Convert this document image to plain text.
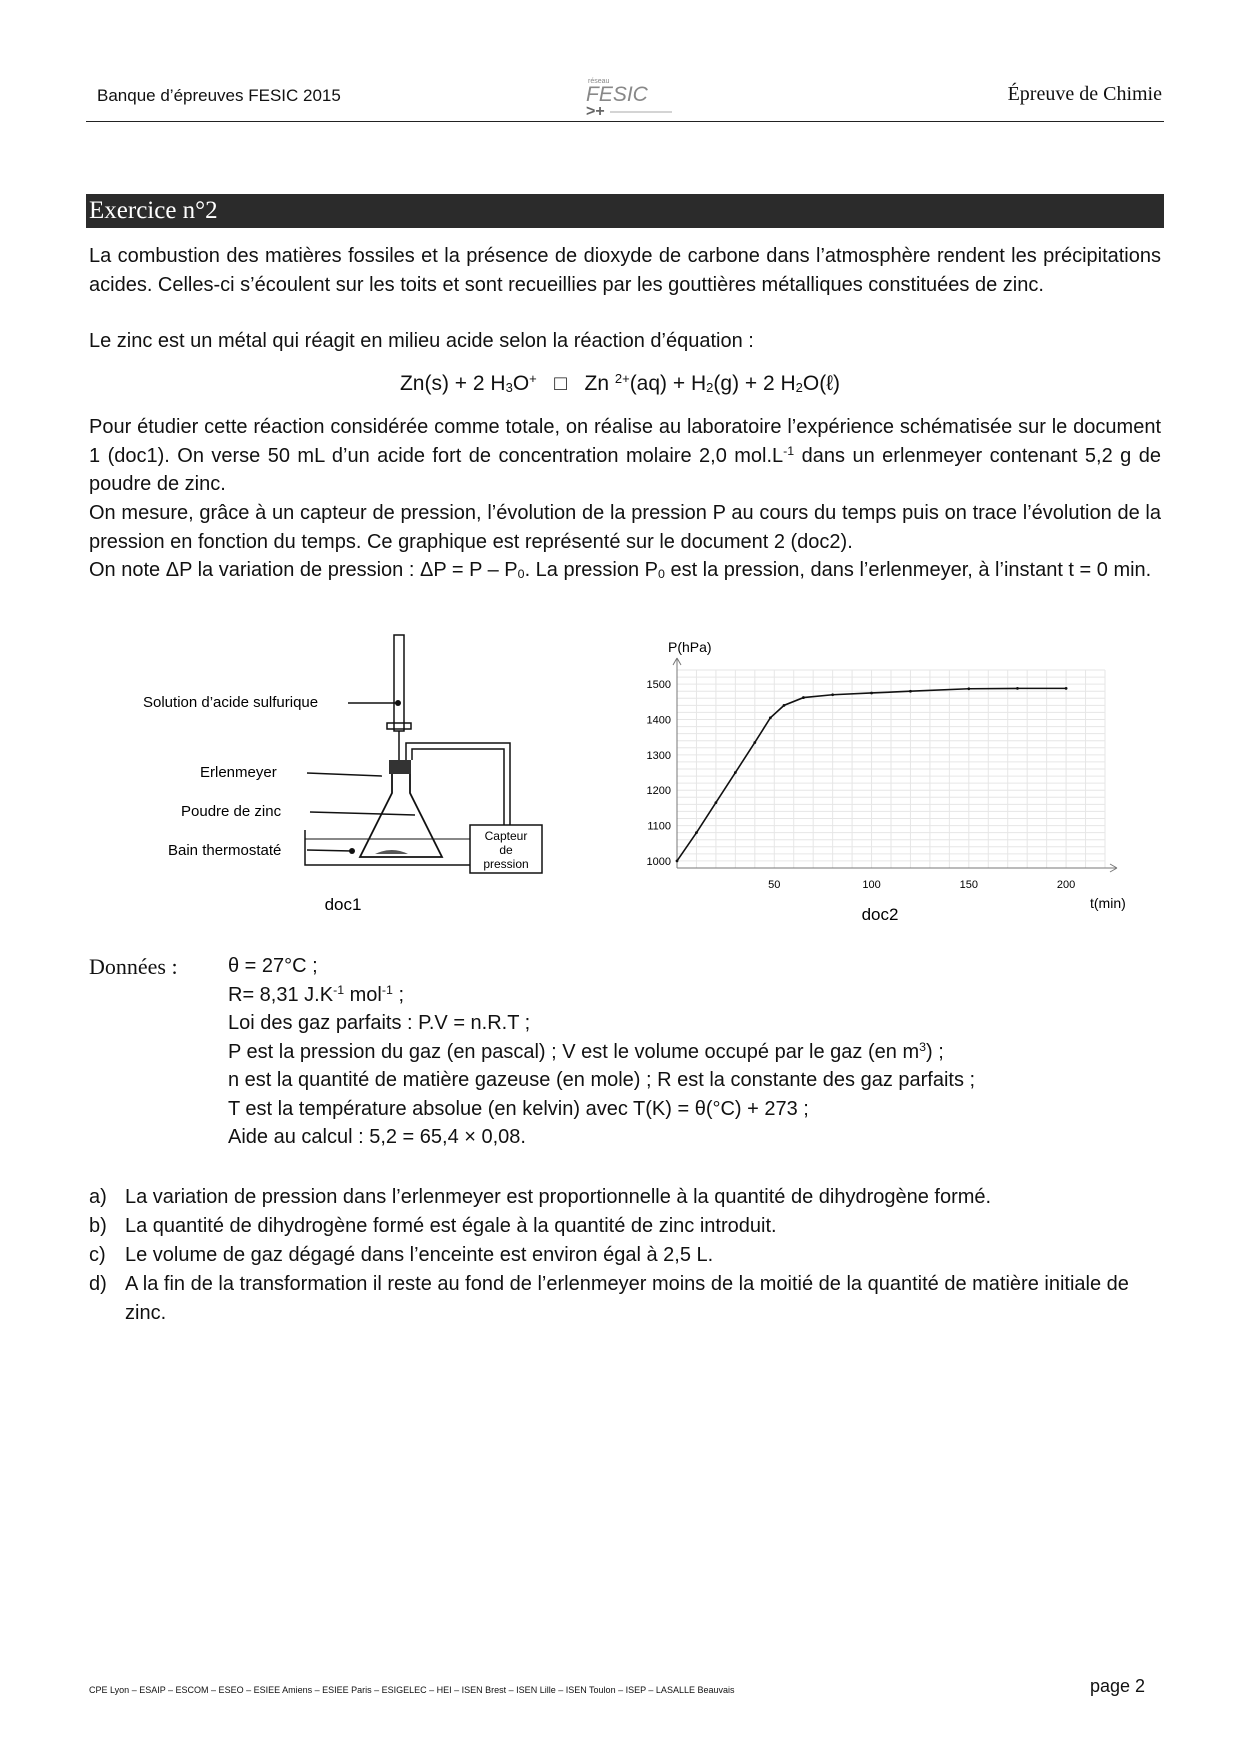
Banque d’épreuves FESIC 2015
réseau
FESIC
>+
Épreuve de Chimie
Exercice n°2
La combustion des matières fossiles et la présence de dioxyde de carbone dans l’atmosphère rendent les précipitations acides. Celles-ci s’écoulent sur les toits et sont recueillies par les gouttières métalliques constituées de zinc.
Le zinc est un métal qui réagit en milieu acide selon la réaction d’équation :
Zn(s) + 2 $H_3O^+$ □ Zn $^{2+}(aq) + H_2(g) + 2$ $H_2O(\ell)$
Pour étudier cette réaction considérée comme totale, on réalise au laboratoire l’expérience schématisée sur le document 1 (doc1). On verse 50 mL d’un acide fort de concentration molaire 2,0 $mol.L^{-1}$ dans un erlenmeyer contenant 5,2 g de poudre de zinc.
On mesure, grâce à un capteur de pression, l’évolution de la pression P au cours du temps puis on trace l’évolution de la pression en fonction du temps. Ce graphique est représenté sur le document 2 (doc2).
On note ΔP la variation de pression : $\Delta P = P - P_0$. La pression $P_0$ est la pression, dans l’erlenmeyer, à l’instant t = 0 min.
Solution d’acide sulfurique
Erlenmeyer
Poudre de zinc
Bain thermostaté
Capteur
de
pression
doc1
50	100	150	200
1000
1100
1200
1300
1400
1500
P(hPa)
t(min)
doc2
Données :	θ = 27°C ;
R= 8,31 $J.K^{-1}$ mol$^{-1}$ ;
Loi des gaz parfaits : P.V = n.R.T ;
P est la pression du gaz (en pascal) ; V est le volume occupé par le gaz (en $m^3$) ;
n est la quantité de matière gazeuse (en mole) ; R est la constante des gaz parfaits ;
T est la température absolue (en kelvin) avec T(K) = θ(°C) + 273 ;
Aide au calcul : 5,2 = 65,4 × 0,08.
a) La variation de pression dans l’erlenmeyer est proportionnelle à la quantité de dihydrogène formé.
b) La quantité de dihydrogène formé est égale à la quantité de zinc introduit.
c) Le volume de gaz dégagé dans l’enceinte est environ égal à 2,5 L.
d) A la fin de la transformation il reste au fond de l’erlenmeyer moins de la moitié de la quantité de matière initiale de zinc.
CPE Lyon – ESAIP – ESCOM – ESEO – ESIEE Amiens – ESIEE Paris – ESIGELEC – HEI – ISEN Brest – ISEN Lille – ISEN Toulon – ISEP – LASALLE Beauvais	page 2
